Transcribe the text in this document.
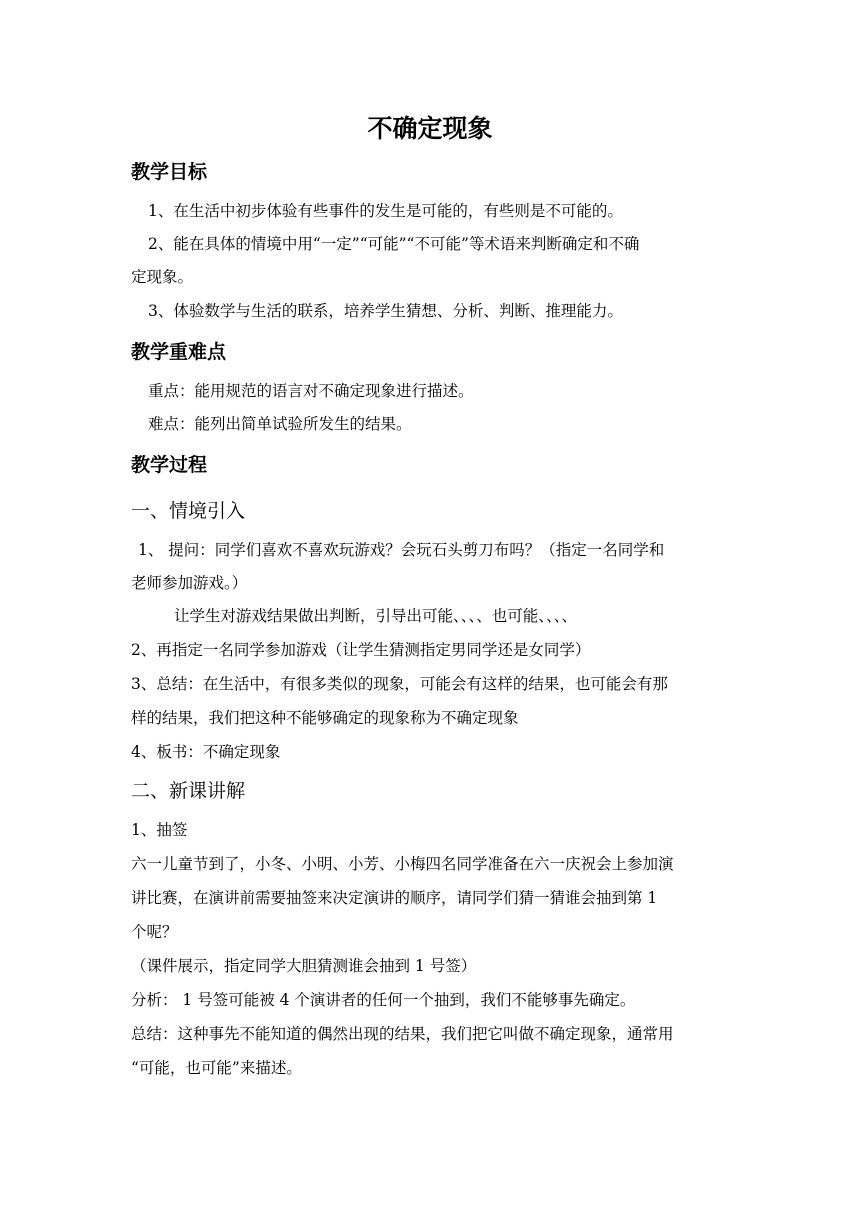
不确定现象
教学目标
1、在生活中初步体验有些事件的发生是可能的，有些则是不可能的。
2、能在具体的情境中用“一定”“可能”“不可能”等术语来判断确定和不确
定现象。
3、体验数学与生活的联系，培养学生猜想、分析、判断、推理能力。
教学重难点
重点：能用规范的语言对不确定现象进行描述。
难点：能列出简单试验所发生的结果。
教学过程
一、情境引入
1、 提问：同学们喜欢不喜欢玩游戏？会玩石头剪刀布吗？（指定一名同学和
老师参加游戏。）
让学生对游戏结果做出判断，引导出可能、、、、也可能、、、、
2、再指定一名同学参加游戏（让学生猜测指定男同学还是女同学）
3、总结：在生活中，有很多类似的现象，可能会有这样的结果，也可能会有那
样的结果，我们把这种不能够确定的现象称为不确定现象
4、板书：不确定现象
二、新课讲解
1、抽签
六一儿童节到了，小冬、小明、小芳、小梅四名同学准备在六一庆祝会上参加演
讲比赛，在演讲前需要抽签来决定演讲的顺序，请同学们猜一猜谁会抽到第 1
个呢？
（课件展示，指定同学大胆猜测谁会抽到 1 号签）
分析： 1 号签可能被 4 个演讲者的任何一个抽到，我们不能够事先确定。
总结：这种事先不能知道的偶然出现的结果，我们把它叫做不确定现象，通常用
“可能，也可能”来描述。
